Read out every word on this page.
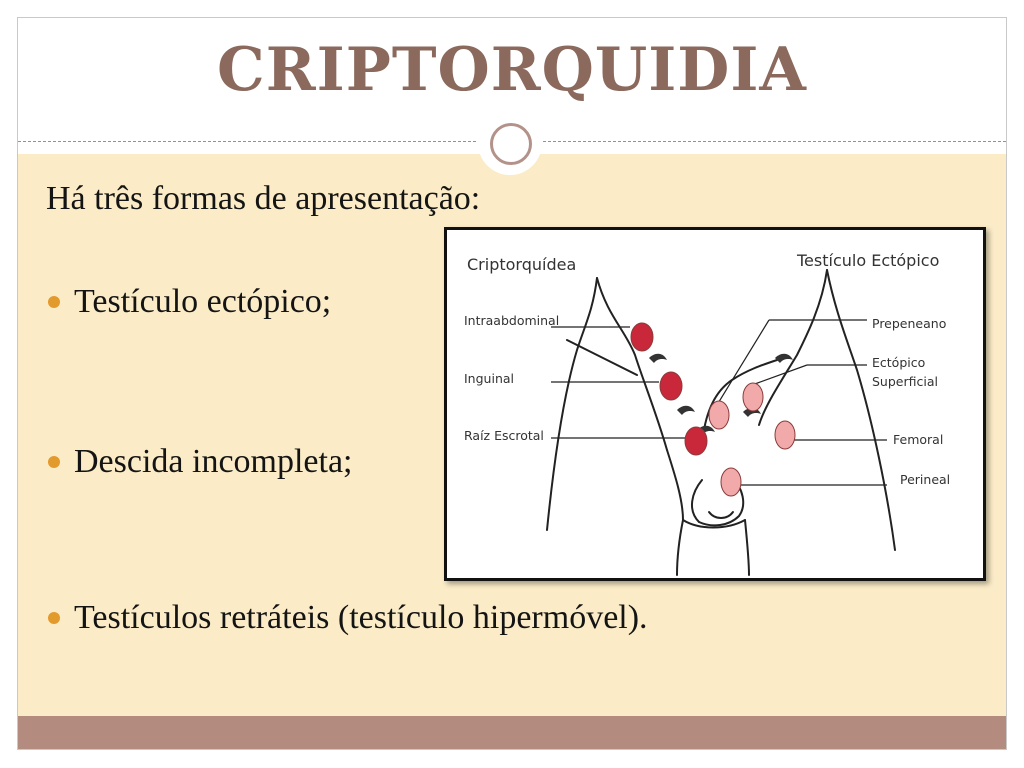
CRIPTORQUIDIA
Há três formas de apresentação:
Testículo ectópico;
Descida incompleta;
Testículos retráteis (testículo hipermóvel).
Criptorquídea	Testículo Ectópico
Intraabdominal
Inguinal
Raíz Escrotal
Prepeneano
Ectópico
Superficial
Femoral
Perineal
